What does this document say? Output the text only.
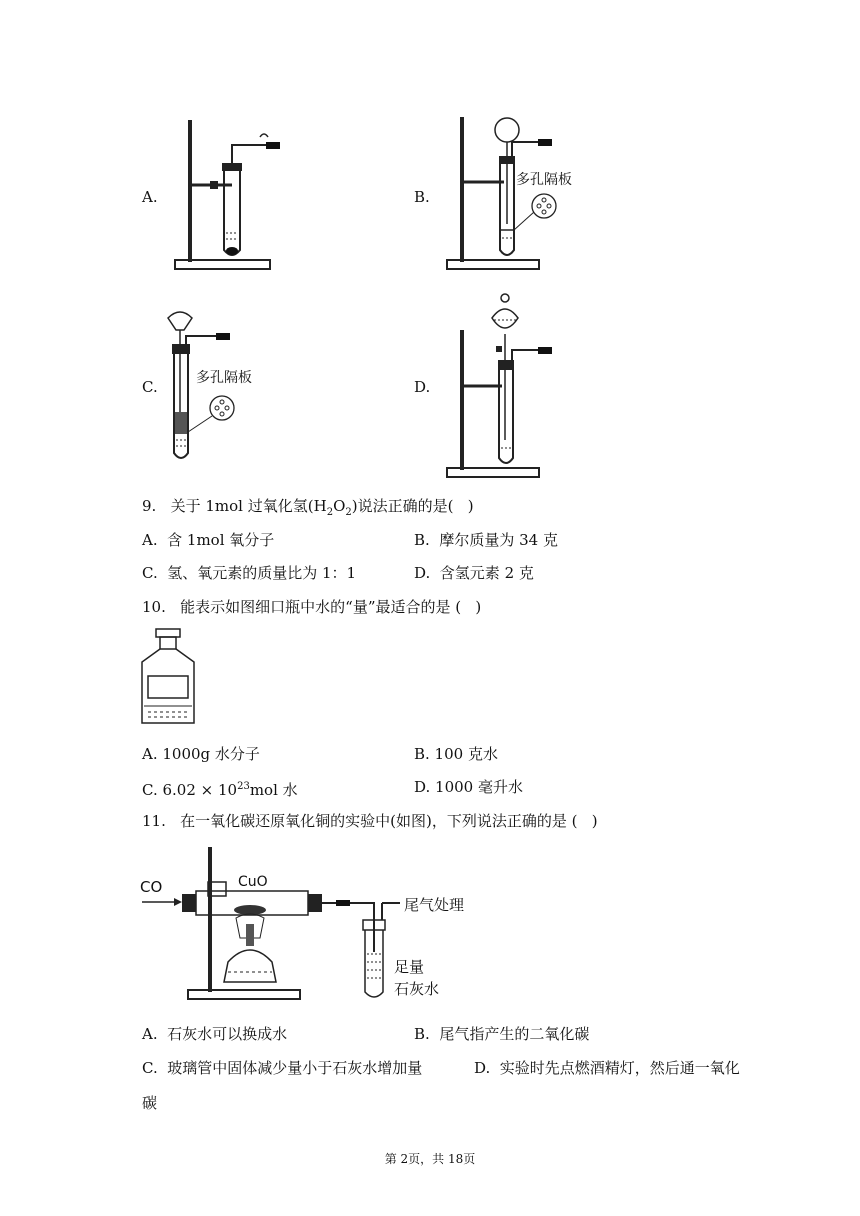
A.	B.
多孔隔板
C.	多孔隔板	D.
9.   关于 1mol 过氧化氢$(H_2O_2)$说法正确的是(   )
A.  含 1mol 氧分子	B.  摩尔质量为 34 克
C.  氢、氧元素的质量比为 1：1	D.  含氢元素 2 克
10.   能表示如图细口瓶中水的“量”最适合的是 (   )
A. 1000g 水分子	B. 100 克水
C. $6.02 \times 10^{23}mol$ 水	D. 1000 毫升水
11.   在一氧化碳还原氧化铜的实验中(如图)，下列说法正确的是 (   )
CO	CuO
尾气处理
足量
石灰水
A.  石灰水可以换成水	B.  尾气指产生的二氧化碳
C.  玻璃管中固体减少量小于石灰水增加量	D.  实验时先点燃酒精灯，然后通一氧化
碳
第 2页，共 18页
